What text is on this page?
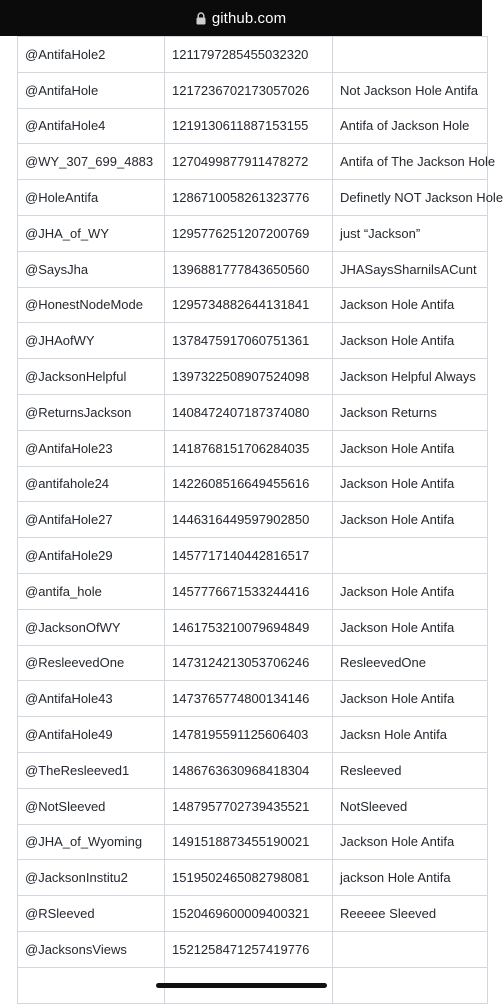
github.com
@AntifaHole2	1211797285455032320	
@AntifaHole	1217236702173057026	Not Jackson Hole Antifa
@AntifaHole4	1219130611887153155	Antifa of Jackson Hole
@WY_307_699_4883	1270499877911478272	Antifa of The Jackson Hole
@HoleAntifa	1286710058261323776	Definetly NOT Jackson Hole
@JHA_of_WY	1295776251207200769	just “Jackson”
@SaysJha	1396881777843650560	JHASaysSharnilsACunt
@HonestNodeMode	1295734882644131841	Jackson Hole Antifa
@JHAofWY	1378475917060751361	Jackson Hole Antifa
@JacksonHelpful	1397322508907524098	Jackson Helpful Always
@ReturnsJackson	1408472407187374080	Jackson Returns
@AntifaHole23	1418768151706284035	Jackson Hole Antifa
@antifahole24	1422608516649455616	Jackson Hole Antifa
@AntifaHole27	1446316449597902850	Jackson Hole Antifa
@AntifaHole29	1457717140442816517	
@antifa_hole	1457776671533244416	Jackson Hole Antifa
@JacksonOfWY	1461753210079694849	Jackson Hole Antifa
@ResleevedOne	1473124213053706246	ResleevedOne
@AntifaHole43	1473765774800134146	Jackson Hole Antifa
@AntifaHole49	1478195591125606403	Jacksn Hole Antifa
@TheResleeved1	1486763630968418304	Resleeved
@NotSleeved	1487957702739435521	NotSleeved
@JHA_of_Wyoming	1491518873455190021	Jackson Hole Antifa
@JacksonInstitu2	1519502465082798081	jackson Hole Antifa
@RSleeved	1520469600009400321	Reeeee Sleeved
@JacksonsViews	1521258471257419776	
